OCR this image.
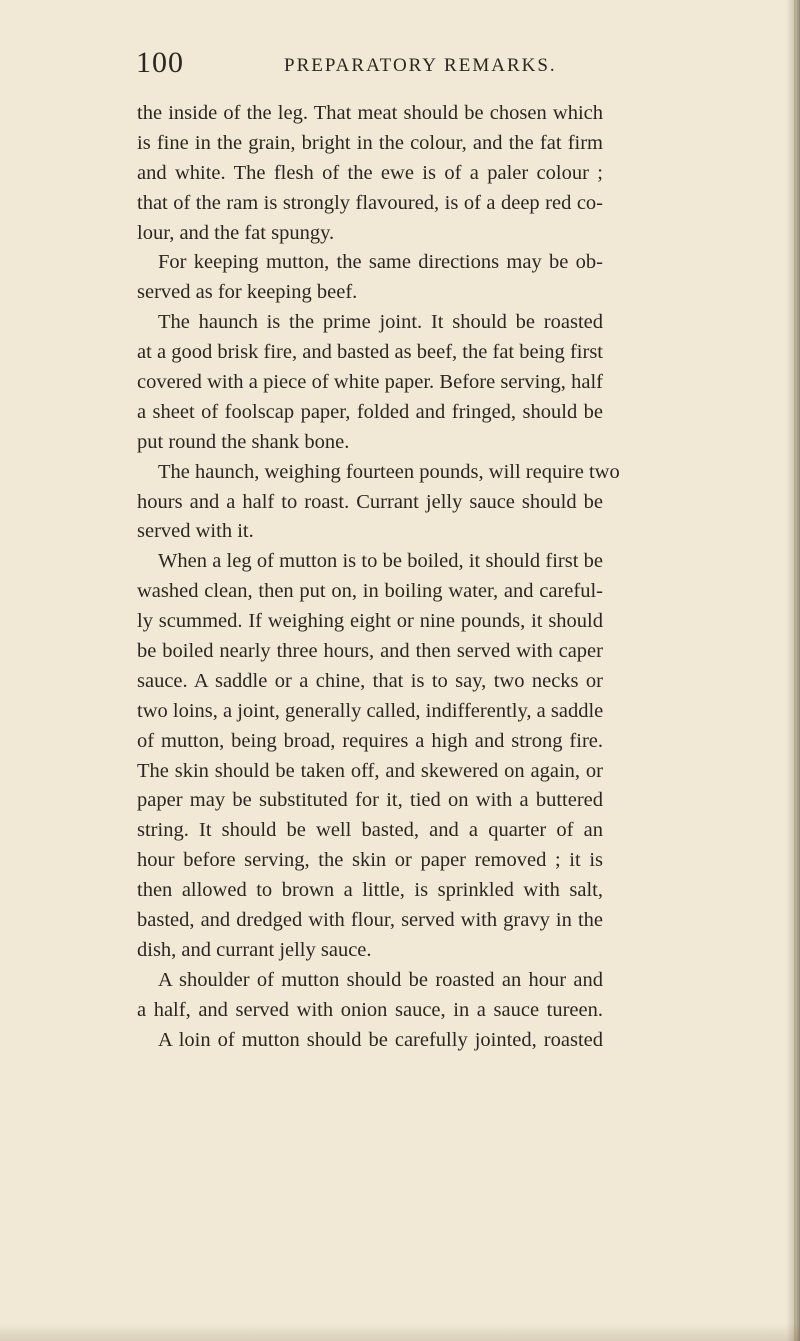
100	PREPARATORY REMARKS.
the inside of the leg. That meat should be chosen which
is fine in the grain, bright in the colour, and the fat firm
and white. The flesh of the ewe is of a paler colour ;
that of the ram is strongly flavoured, is of a deep red co-
lour, and the fat spungy.
For keeping mutton, the same directions may be ob-
served as for keeping beef.
The haunch is the prime joint. It should be roasted
at a good brisk fire, and basted as beef, the fat being first
covered with a piece of white paper. Before serving, half
a sheet of foolscap paper, folded and fringed, should be
put round the shank bone.
The haunch, weighing fourteen pounds, will require two
hours and a half to roast. Currant jelly sauce should be
served with it.
When a leg of mutton is to be boiled, it should first be
washed clean, then put on, in boiling water, and careful-
ly scummed. If weighing eight or nine pounds, it should
be boiled nearly three hours, and then served with caper
sauce. A saddle or a chine, that is to say, two necks or
two loins, a joint, generally called, indifferently, a saddle
of mutton, being broad, requires a high and strong fire.
The skin should be taken off, and skewered on again, or
paper may be substituted for it, tied on with a buttered
string. It should be well basted, and a quarter of an
hour before serving, the skin or paper removed ; it is
then allowed to brown a little, is sprinkled with salt,
basted, and dredged with flour, served with gravy in the
dish, and currant jelly sauce.
A shoulder of mutton should be roasted an hour and
a half, and served with onion sauce, in a sauce tureen.
A loin of mutton should be carefully jointed, roasted
